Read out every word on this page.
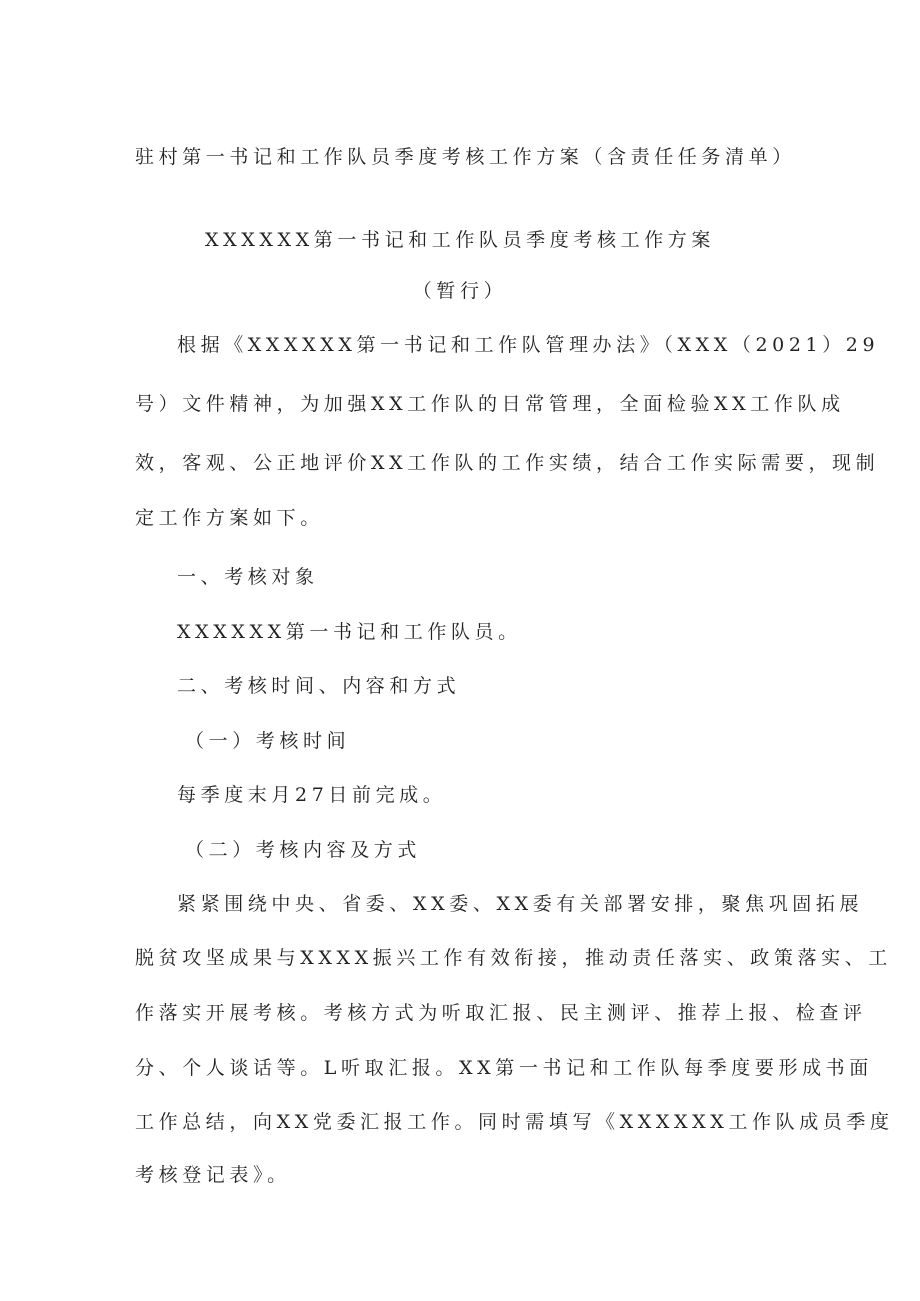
驻村第一书记和工作队员季度考核工作方案（含责任任务清单）
XXXXXX第一书记和工作队员季度考核工作方案
（暂行）
根据《XXXXXX第一书记和工作队管理办法》（XXX（2021）29
号）文件精神，为加强XX工作队的日常管理，全面检验XX工作队成
效，客观、公正地评价XX工作队的工作实绩，结合工作实际需要，现制
定工作方案如下。
一、考核对象
XXXXXX第一书记和工作队员。
二、考核时间、内容和方式
（一）考核时间
每季度末月27日前完成。
（二）考核内容及方式
紧紧围绕中央、省委、XX委、XX委有关部署安排，聚焦巩固拓展
脱贫攻坚成果与XXXX振兴工作有效衔接，推动责任落实、政策落实、工
作落实开展考核。考核方式为听取汇报、民主测评、推荐上报、检查评
分、个人谈话等。L听取汇报。XX第一书记和工作队每季度要形成书面
工作总结，向XX党委汇报工作。同时需填写《XXXXXX工作队成员季度
考核登记表》。
